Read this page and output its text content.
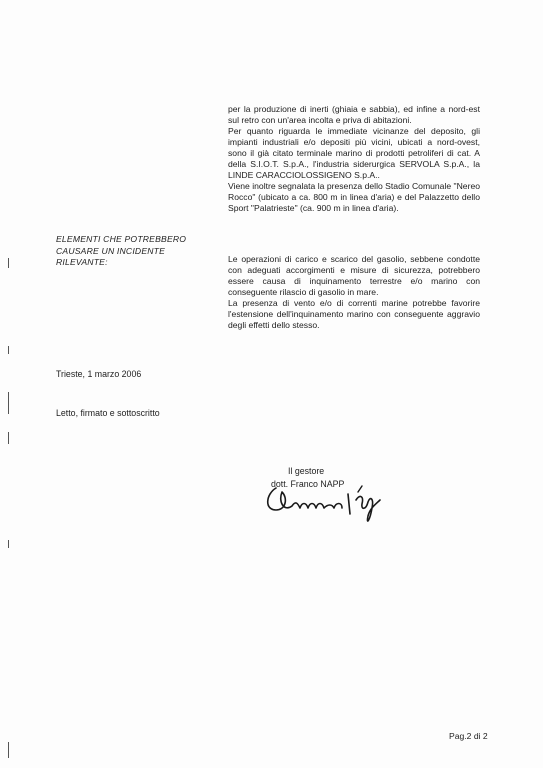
per la produzione di inerti (ghiaia e sabbia), ed infine a nord-est sul retro con un'area incolta e priva di abitazioni.

Per quanto riguarda le immediate vicinanze del deposito, gli impianti industriali e/o depositi più vicini, ubicati a nord-ovest, sono il già citato terminale marino di prodotti petroliferi di cat. A della S.I.O.T. S.p.A., l'industria siderurgica SERVOLA S.p.A., la LINDE CARACCIOLOSSIGENO S.p.A..

Viene inoltre segnalata la presenza dello Stadio Comunale "Nereo Rocco" (ubicato a ca. 800 m in linea d'aria) e del Palazzetto dello Sport "Palatrieste" (ca. 900 m in linea d'aria).

ELEMENTI CHE POTREBBERO
CAUSARE UN INCIDENTE
RILEVANTE:	Le operazioni di carico e scarico del gasolio, sebbene condotte con adeguati accorgimenti e misure di sicurezza, potrebbero essere causa di inquinamento terrestre e/o marino con conseguente rilascio di gasolio in mare.

La presenza di vento e/o di correnti marine potrebbe favorire l'estensione dell'inquinamento marino con conseguente aggravio degli effetti dello stesso.

Trieste, 1 marzo 2006
Letto, firmato e sottoscritto
Il gestore
dott. Franco NAPP
Pag.2 di 2
